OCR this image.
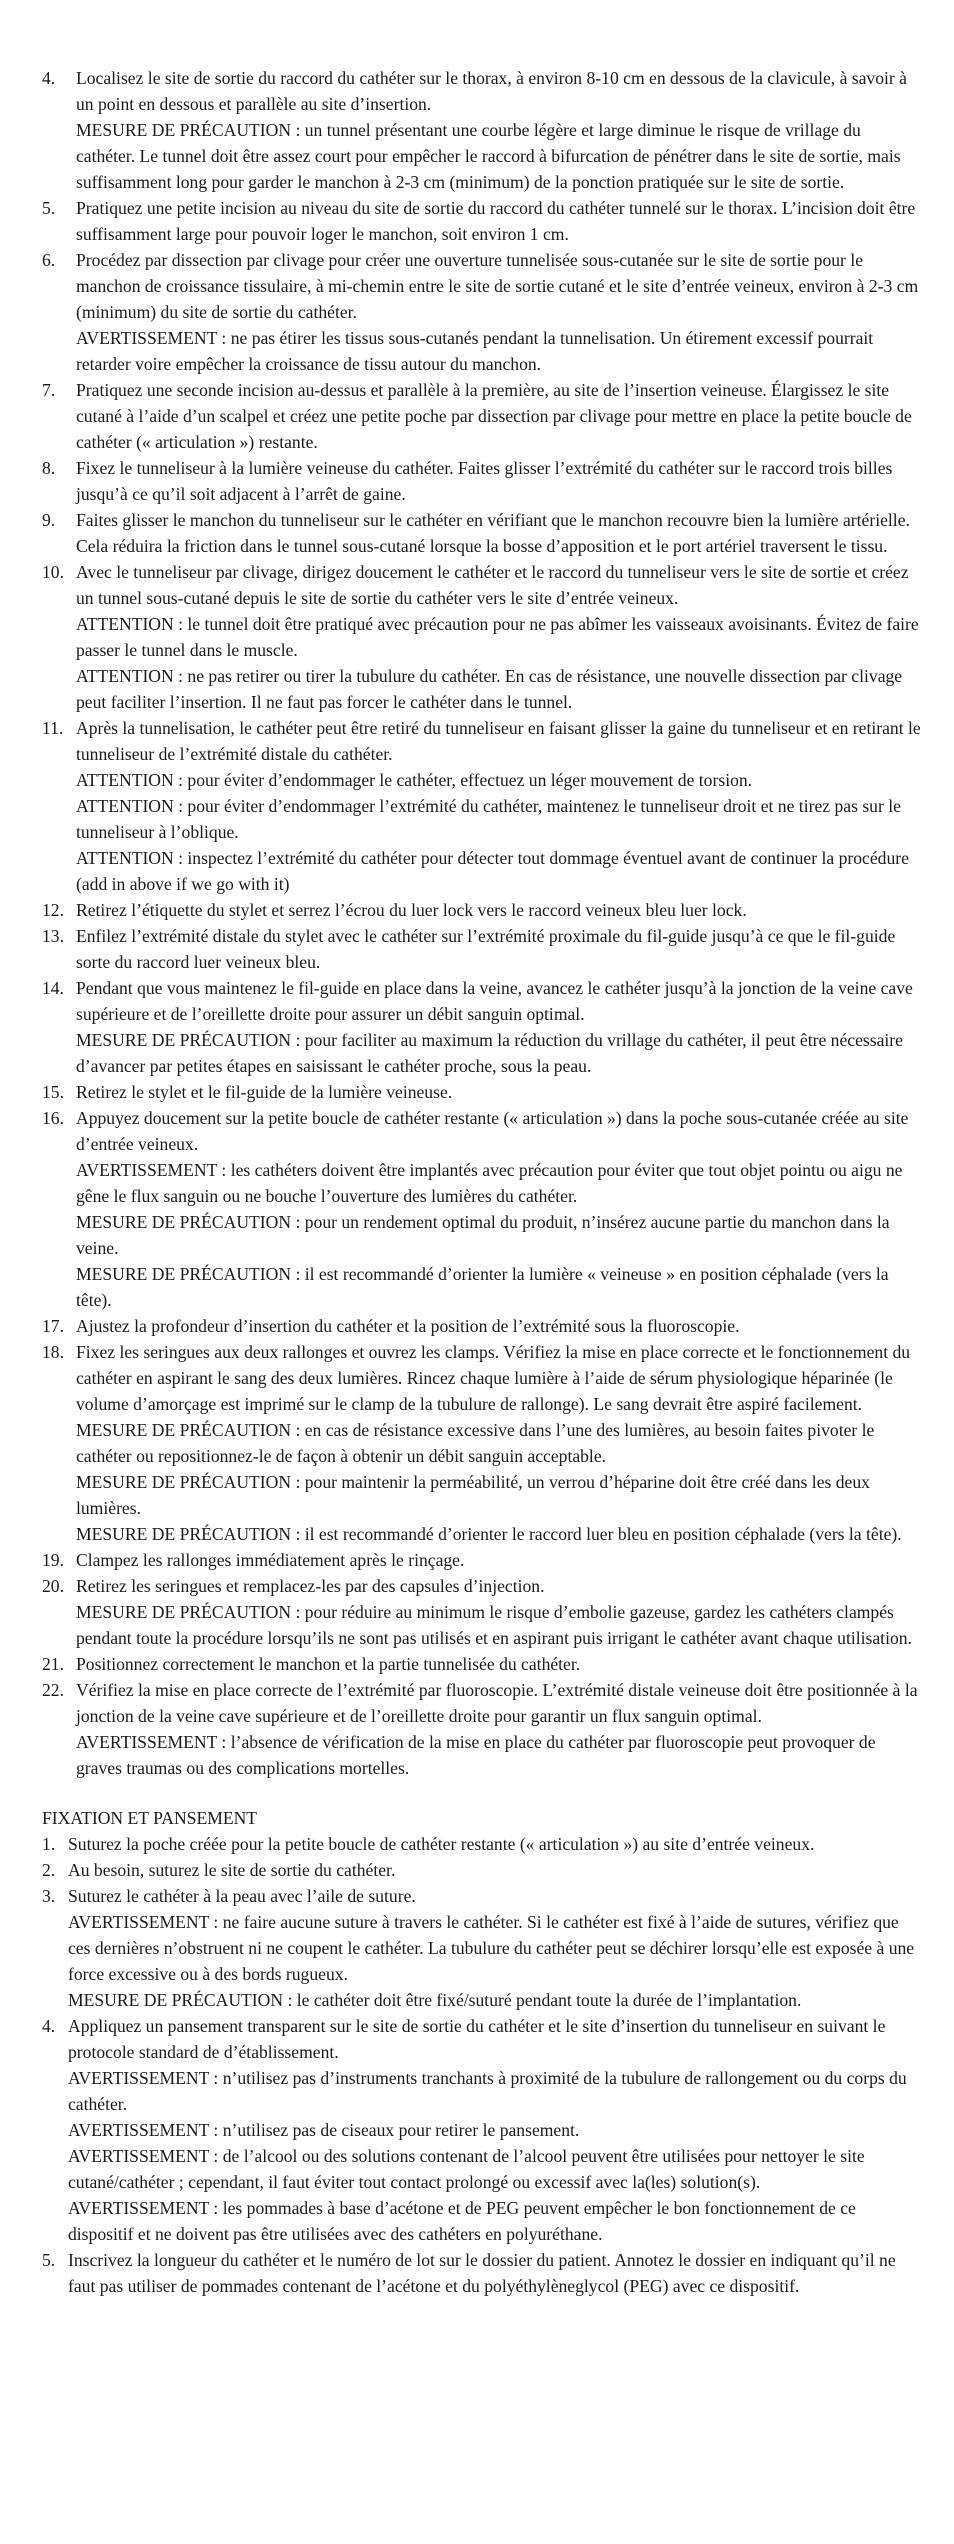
4.	Localisez le site de sortie du raccord du cathéter sur le thorax, à environ 8-10 cm en dessous de la clavicule, à savoir à un point en dessous et parallèle au site d’insertion.

MESURE DE PRÉCAUTION : un tunnel présentant une courbe légère et large diminue le risque de vrillage du cathéter. Le tunnel doit être assez court pour empêcher le raccord à bifurcation de pénétrer dans le site de sortie, mais suffisamment long pour garder le manchon à 2-3 cm (minimum) de la ponction pratiquée sur le site de sortie.

5.	Pratiquez une petite incision au niveau du site de sortie du raccord du cathéter tunnelé sur le thorax. L’incision doit être suffisamment large pour pouvoir loger le manchon, soit environ 1 cm.

6.	Procédez par dissection par clivage pour créer une ouverture tunnelisée sous-cutanée sur le site de sortie pour le manchon de croissance tissulaire, à mi-chemin entre le site de sortie cutané et le site d’entrée veineux, environ à 2-3 cm (minimum) du site de sortie du cathéter.

AVERTISSEMENT : ne pas étirer les tissus sous-cutanés pendant la tunnelisation. Un étirement excessif pourrait retarder voire empêcher la croissance de tissu autour du manchon.

7.	Pratiquez une seconde incision au-dessus et parallèle à la première, au site de l’insertion veineuse. Élargissez le site cutané à l’aide d’un scalpel et créez une petite poche par dissection par clivage pour mettre en place la petite boucle de cathéter (« articulation ») restante.

8.	Fixez le tunneliseur à la lumière veineuse du cathéter. Faites glisser l’extrémité du cathéter sur le raccord trois billes jusqu’à ce qu’il soit adjacent à l’arrêt de gaine.

9.	Faites glisser le manchon du tunneliseur sur le cathéter en vérifiant que le manchon recouvre bien la lumière artérielle. Cela réduira la friction dans le tunnel sous-cutané lorsque la bosse d’apposition et le port artériel traversent le tissu.

10. Avec le tunneliseur par clivage, dirigez doucement le cathéter et le raccord du tunneliseur vers le site de sortie et créez un tunnel sous-cutané depuis le site de sortie du cathéter vers le site d’entrée veineux.

ATTENTION : le tunnel doit être pratiqué avec précaution pour ne pas abîmer les vaisseaux avoisinants. Évitez de faire passer le tunnel dans le muscle.

ATTENTION : ne pas retirer ou tirer la tubulure du cathéter. En cas de résistance, une nouvelle dissection par clivage peut faciliter l’insertion. Il ne faut pas forcer le cathéter dans le tunnel.

11. Après la tunnelisation, le cathéter peut être retiré du tunneliseur en faisant glisser la gaine du tunneliseur et en retirant le tunneliseur de l’extrémité distale du cathéter.

ATTENTION : pour éviter d’endommager le cathéter, effectuez un léger mouvement de torsion.

ATTENTION : pour éviter d’endommager l’extrémité du cathéter, maintenez le tunneliseur droit et ne tirez pas sur le tunneliseur à l’oblique.

ATTENTION : inspectez l’extrémité du cathéter pour détecter tout dommage éventuel avant de continuer la procédure (add in above if we go with it)

12. Retirez l’étiquette du stylet et serrez l’écrou du luer lock vers le raccord veineux bleu luer lock.

13. Enfilez l’extrémité distale du stylet avec le cathéter sur l’extrémité proximale du fil-guide jusqu’à ce que le fil-guide sorte du raccord luer veineux bleu.

14. Pendant que vous maintenez le fil-guide en place dans la veine, avancez le cathéter jusqu’à la jonction de la veine cave supérieure et de l’oreillette droite pour assurer un débit sanguin optimal.

MESURE DE PRÉCAUTION : pour faciliter au maximum la réduction du vrillage du cathéter, il peut être nécessaire d’avancer par petites étapes en saisissant le cathéter proche, sous la peau.

15. Retirez le stylet et le fil-guide de la lumière veineuse.

16. Appuyez doucement sur la petite boucle de cathéter restante (« articulation ») dans la poche sous-cutanée créée au site d’entrée veineux.

AVERTISSEMENT : les cathéters doivent être implantés avec précaution pour éviter que tout objet pointu ou aigu ne gêne le flux sanguin ou ne bouche l’ouverture des lumières du cathéter.

MESURE DE PRÉCAUTION : pour un rendement optimal du produit, n’insérez aucune partie du manchon dans la veine.

MESURE DE PRÉCAUTION : il est recommandé d’orienter la lumière « veineuse » en position céphalade (vers la tête).

17. Ajustez la profondeur d’insertion du cathéter et la position de l’extrémité sous la fluoroscopie.

18. Fixez les seringues aux deux rallonges et ouvrez les clamps. Vérifiez la mise en place correcte et le fonctionnement du cathéter en aspirant le sang des deux lumières. Rincez chaque lumière à l’aide de sérum physiologique héparinée (le volume d’amorçage est imprimé sur le clamp de la tubulure de rallonge). Le sang devrait être aspiré facilement.

MESURE DE PRÉCAUTION : en cas de résistance excessive dans l’une des lumières, au besoin faites pivoter le cathéter ou repositionnez-le de façon à obtenir un débit sanguin acceptable.

MESURE DE PRÉCAUTION : pour maintenir la perméabilité, un verrou d’héparine doit être créé dans les deux lumières.

MESURE DE PRÉCAUTION : il est recommandé d’orienter le raccord luer bleu en position céphalade (vers la tête).

19. Clampez les rallonges immédiatement après le rinçage.

20. Retirez les seringues et remplacez-les par des capsules d’injection.

MESURE DE PRÉCAUTION : pour réduire au minimum le risque d’embolie gazeuse, gardez les cathéters clampés pendant toute la procédure lorsqu’ils ne sont pas utilisés et en aspirant puis irrigant le cathéter avant chaque utilisation.

21. Positionnez correctement le manchon et la partie tunnelisée du cathéter.

22. Vérifiez la mise en place correcte de l’extrémité par fluoroscopie. L’extrémité distale veineuse doit être positionnée à la jonction de la veine cave supérieure et de l’oreillette droite pour garantir un flux sanguin optimal.

AVERTISSEMENT : l’absence de vérification de la mise en place du cathéter par fluoroscopie peut provoquer de graves traumas ou des complications mortelles.

FIXATION ET PANSEMENT
1. Suturez la poche créée pour la petite boucle de cathéter restante (« articulation ») au site d’entrée veineux.

2. Au besoin, suturez le site de sortie du cathéter.

3. Suturez le cathéter à la peau avec l’aile de suture.

AVERTISSEMENT : ne faire aucune suture à travers le cathéter. Si le cathéter est fixé à l’aide de sutures, vérifiez que ces dernières n’obstruent ni ne coupent le cathéter. La tubulure du cathéter peut se déchirer lorsqu’elle est exposée à une force excessive ou à des bords rugueux.

MESURE DE PRÉCAUTION : le cathéter doit être fixé/suturé pendant toute la durée de l’implantation.

4. Appliquez un pansement transparent sur le site de sortie du cathéter et le site d’insertion du tunneliseur en suivant le protocole standard de d’établissement.

AVERTISSEMENT : n’utilisez pas d’instruments tranchants à proximité de la tubulure de rallongement ou du corps du cathéter.

AVERTISSEMENT : n’utilisez pas de ciseaux pour retirer le pansement.

AVERTISSEMENT : de l’alcool ou des solutions contenant de l’alcool peuvent être utilisées pour nettoyer le site cutané/cathéter ; cependant, il faut éviter tout contact prolongé ou excessif avec la(les) solution(s).

AVERTISSEMENT : les pommades à base d’acétone et de PEG peuvent empêcher le bon fonctionnement de ce dispositif et ne doivent pas être utilisées avec des cathéters en polyuréthane.

5. Inscrivez la longueur du cathéter et le numéro de lot sur le dossier du patient. Annotez le dossier en indiquant qu’il ne faut pas utiliser de pommades contenant de l’acétone et du polyéthylèneglycol (PEG) avec ce dispositif.
